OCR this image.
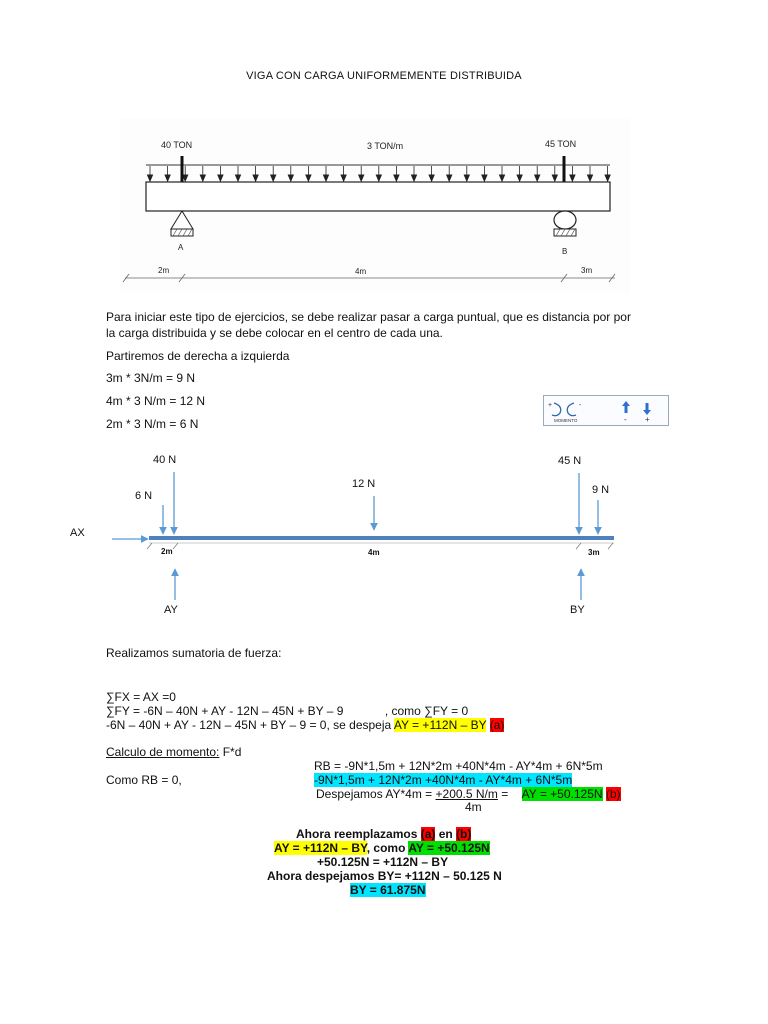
VIGA CON CARGA UNIFORMEMENTE DISTRIBUIDA
40 TON	3 TON/m	45 TON
A	B
2m	4m	3m
Para iniciar este tipo de ejercicios, se debe realizar pasar a carga puntual, que es distancia por por
la carga distribuida y se debe colocar en el centro de cada una.
Partiremos de derecha a izquierda
3m * 3N/m = 9 N
4m * 3 N/m = 12 N
2m * 3 N/m = 6 N
+	-
MOMENTO	- +
40 N
6 N
12 N
45 N
9 N
AX
2m	4m	3m
AY	BY
Realizamos sumatoria de fuerza:
∑FX = AX =0
∑FY = -6N – 40N + AY - 12N – 45N + BY – 9	, como ∑FY = 0
-6N – 40N + AY - 12N – 45N + BY – 9 = 0, se despeja AY = +112N – BY (a)
Calculo de momento: F*d
RB = -9N*1,5m + 12N*2m +40N*4m - AY*4m + 6N*5m
Como RB = 0,	-9N*1,5m + 12N*2m +40N*4m - AY*4m + 6N*5m
Despejamos AY*4m = +200.5 N/m = AY = +50.125N (b)
4m
Ahora reemplazamos (a) en (b)
AY = +112N – BY, como AY = +50.125N
+50.125N = +112N – BY
Ahora despejamos BY= +112N – 50.125 N
BY = 61.875N
